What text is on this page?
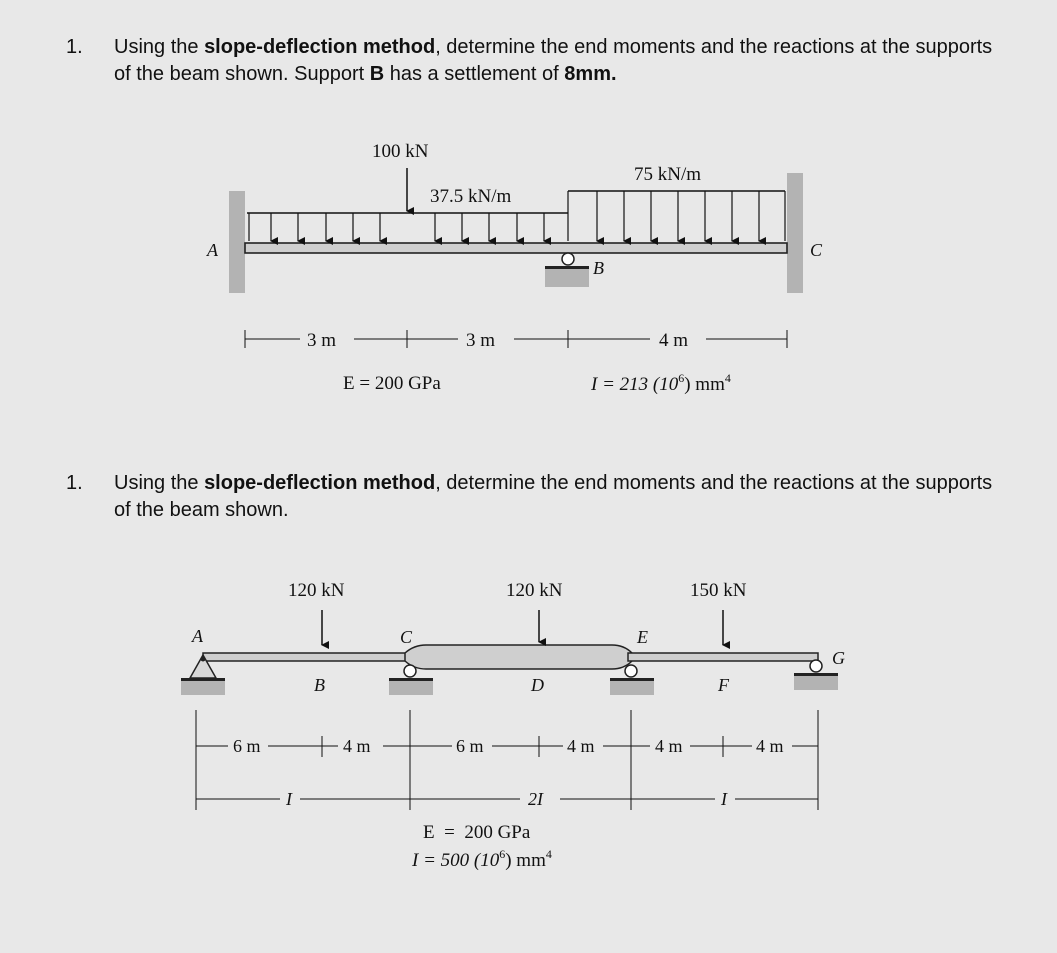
1. Using the slope-deflection method, determine the end moments and the reactions at the supports of the beam shown. Support B has a settlement of 8mm.
1. Using the slope-deflection method, determine the end moments and the reactions at the supports of the beam shown.
100 kN
37.5 kN/m
75 kN/m
A
B
C
3 m	3 m	4 m
E = 200 GPa	I = 213 $(10^6)$ $mm^4$
120 kN	120 kN	150 kN
A
B
C
D
E
F
G
6 m	4 m	6 m	4 m	4 m	4 m
I	2I	I
E  =  200 GPa
I = 500 $(10^6)$ $mm^4$
